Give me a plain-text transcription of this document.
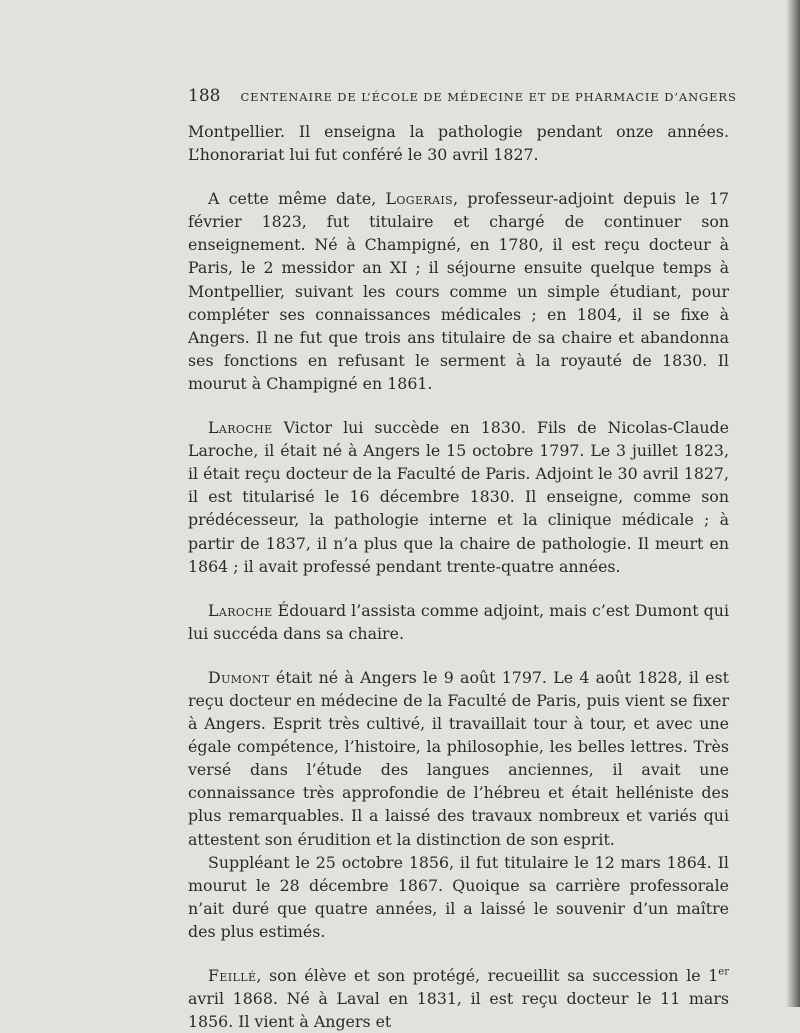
188 CENTENAIRE DE L’ÉCOLE DE MÉDECINE ET DE PHARMACIE D’ANGERS

Montpellier. Il enseigna la pathologie pendant onze années. L’honorariat lui fut conféré le 30 avril 1827.

A cette même date, Logerais, professeur-adjoint depuis le 17 février 1823, fut titulaire et chargé de continuer son enseignement. Né à Champigné, en 1780, il est reçu docteur à Paris, le 2 messidor an XI ; il séjourne ensuite quelque temps à Montpellier, suivant les cours comme un simple étudiant, pour compléter ses connaissances médicales ; en 1804, il se fixe à Angers. Il ne fut que trois ans titulaire de sa chaire et abandonna ses fonctions en refusant le serment à la royauté de 1830. Il mourut à Champigné en 1861.

Laroche Victor lui succède en 1830. Fils de Nicolas-Claude Laroche, il était né à Angers le 15 octobre 1797. Le 3 juillet 1823, il était reçu docteur de la Faculté de Paris. Adjoint le 30 avril 1827, il est titularisé le 16 décembre 1830. Il enseigne, comme son prédécesseur, la pathologie interne et la clinique médicale ; à partir de 1837, il n’a plus que la chaire de pathologie. Il meurt en 1864 ; il avait professé pendant trente-quatre années.

Laroche Édouard l’assista comme adjoint, mais c’est Dumont qui lui succéda dans sa chaire.

Dumont était né à Angers le 9 août 1797. Le 4 août 1828, il est reçu docteur en médecine de la Faculté de Paris, puis vient se fixer à Angers. Esprit très cultivé, il travaillait tour à tour, et avec une égale compétence, l’histoire, la philosophie, les belles lettres. Très versé dans l’étude des langues anciennes, il avait une connaissance très approfondie de l’hébreu et était helléniste des plus remarquables. Il a laissé des travaux nombreux et variés qui attestent son érudition et la distinction de son esprit.

Suppléant le 25 octobre 1856, il fut titulaire le 12 mars 1864. Il mourut le 28 décembre 1867. Quoique sa carrière professorale n’ait duré que quatre années, il a laissé le souvenir d’un maître des plus estimés.

Feillé, son élève et son protégé, recueillit sa succession le 1er avril 1868. Né à Laval en 1831, il est reçu docteur le 11 mars 1856. Il vient à Angers et
